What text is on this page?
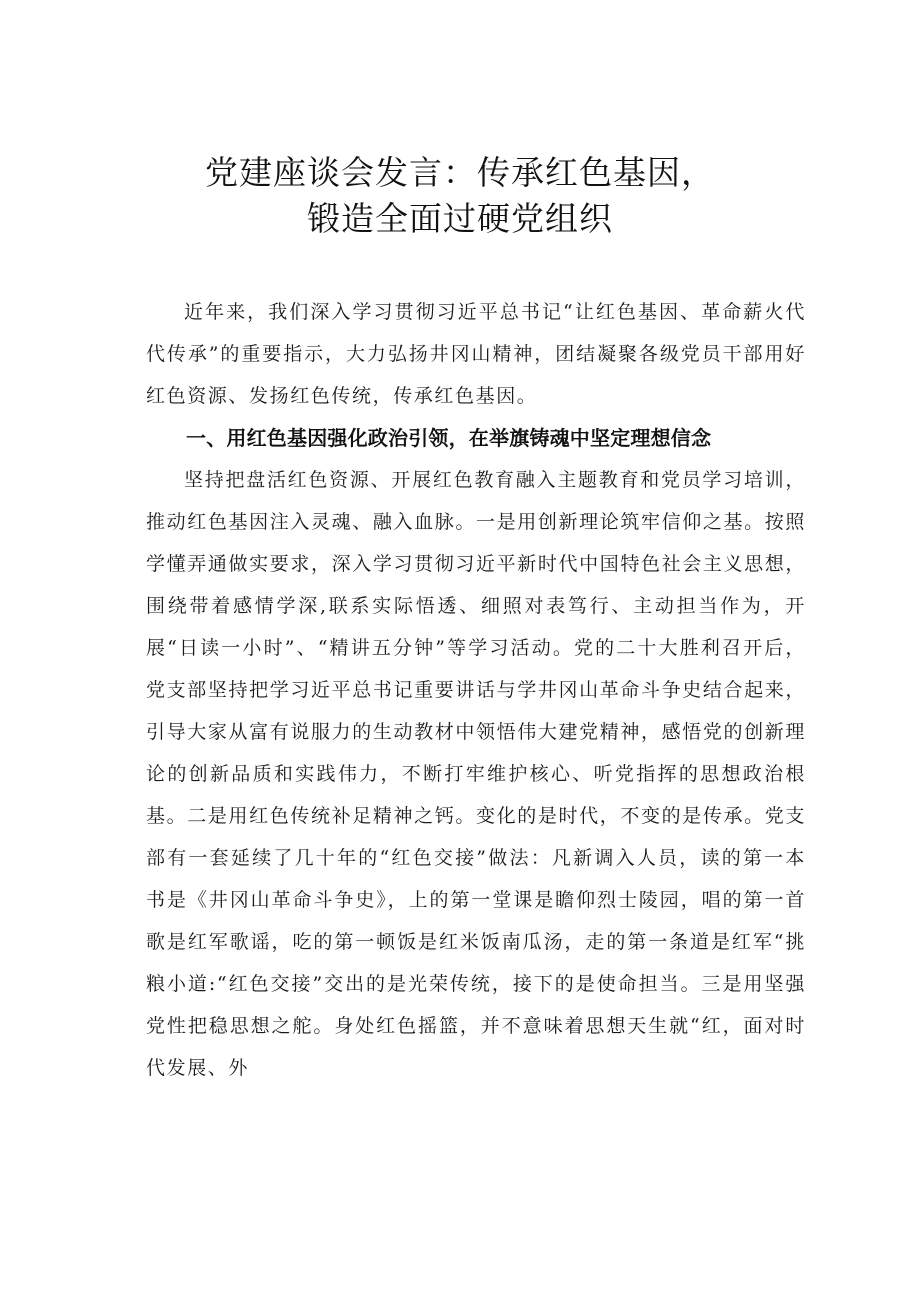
党建座谈会发言：传承红色基因，
锻造全面过硬党组织

近年来，我们深入学习贯彻习近平总书记“让红色基因、革命薪火代代传承”的重要指示，大力弘扬井冈山精神，团结凝聚各级党员干部用好红色资源、发扬红色传统，传承红色基因。

一、用红色基因强化政治引领，在举旗铸魂中坚定理想信念

坚持把盘活红色资源、开展红色教育融入主题教育和党员学习培训，推动红色基因注入灵魂、融入血脉。一是用创新理论筑牢信仰之基。按照学懂弄通做实要求，深入学习贯彻习近平新时代中国特色社会主义思想，围绕带着感情学深,联系实际悟透、细照对表笃行、主动担当作为，开展“日读一小时”、“精讲五分钟”等学习活动。党的二十大胜利召开后，党支部坚持把学习近平总书记重要讲话与学井冈山革命斗争史结合起来，引导大家从富有说服力的生动教材中领悟伟大建党精神，感悟党的创新理论的创新品质和实践伟力，不断打牢维护核心、听党指挥的思想政治根基。二是用红色传统补足精神之钙。变化的是时代，不变的是传承。党支部有一套延续了几十年的“红色交接”做法：凡新调入人员，读的第一本书是《井冈山革命斗争史》，上的第一堂课是瞻仰烈士陵园，唱的第一首歌是红军歌谣，吃的第一顿饭是红米饭南瓜汤，走的第一条道是红军“挑粮小道:“红色交接”交出的是光荣传统，接下的是使命担当。三是用坚强党性把稳思想之舵。身处红色摇篮，并不意味着思想天生就“红，面对时代发展、外
